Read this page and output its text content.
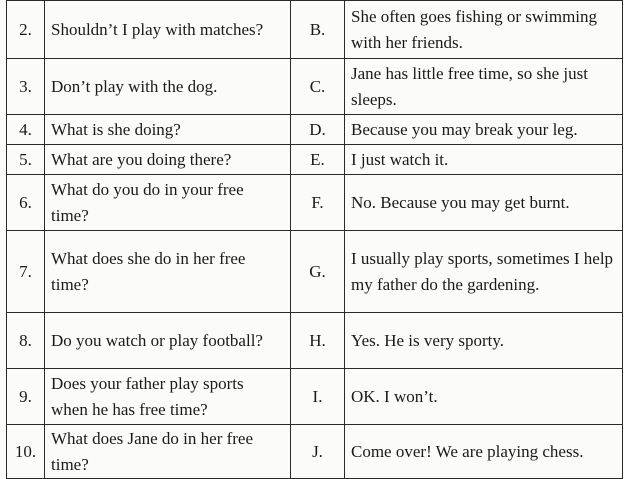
2.	Shouldn’t I play with matches?	B.	She often goes fishing or swimming with her friends.
3.	Don’t play with the dog.	C.	Jane has little free time, so she just sleeps.
4.	What is she doing?	D.	Because you may break your leg.
5.	What are you doing there?	E.	I just watch it.
6.	What do you do in your free time?	F.	No. Because you may get burnt.
7.	What does she do in her free time?	G.	I usually play sports, sometimes I help my father do the gardening.
8.	Do you watch or play football?	H.	Yes. He is very sporty.
9.	Does your father play sports when he has free time?	I.	OK. I won’t.
10.	What does Jane do in her free time?	J.	Come over! We are playing chess.
